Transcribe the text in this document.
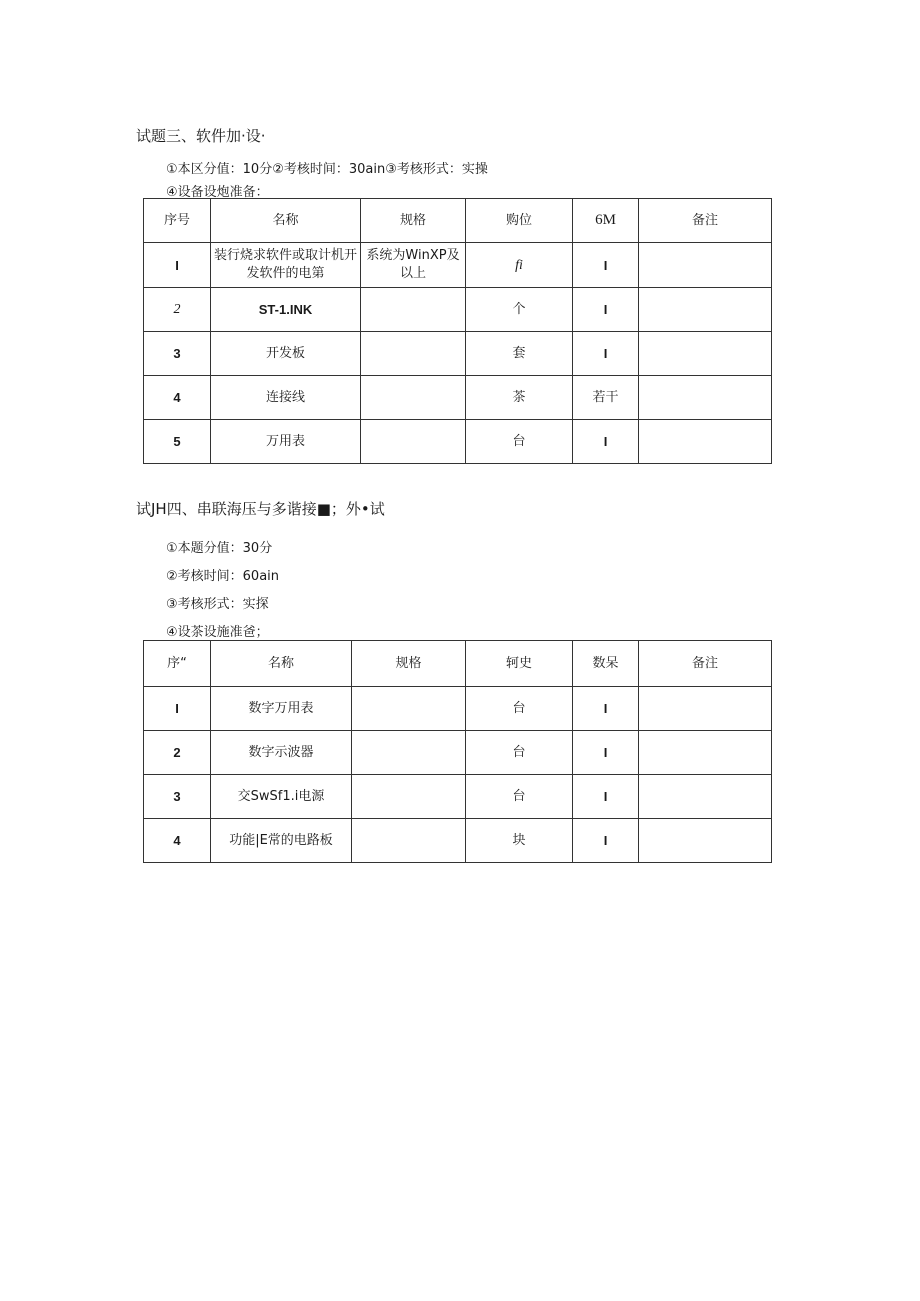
试题三、软件加·设·
①本区分值：10分②考核时间：30ain③考核形式：实操
④设备设炮准备：
序号	名称	规格	购位	6M	备注
I	装行烧求软件或取计机开发软件的电第	系统为WinXP及以上	fi	I	
2	ST-1.INK		个	I	
3	开发板		套	I	
4	连接线		茶	若干	
5	万用表		台	I	
试JH四、串联海压与多谐接■；外•试
①本题分值：30分
②考核时间：60ain
③考核形式：实探
④设茶设施准爸；
序“	名称	规格	轲史	数呆	备注
I	数字万用表		台	I	
2	数字示波器		台	I	
3	交SwSf1.i电源		台	I	
4	功能|E常的电路板		块	I	
